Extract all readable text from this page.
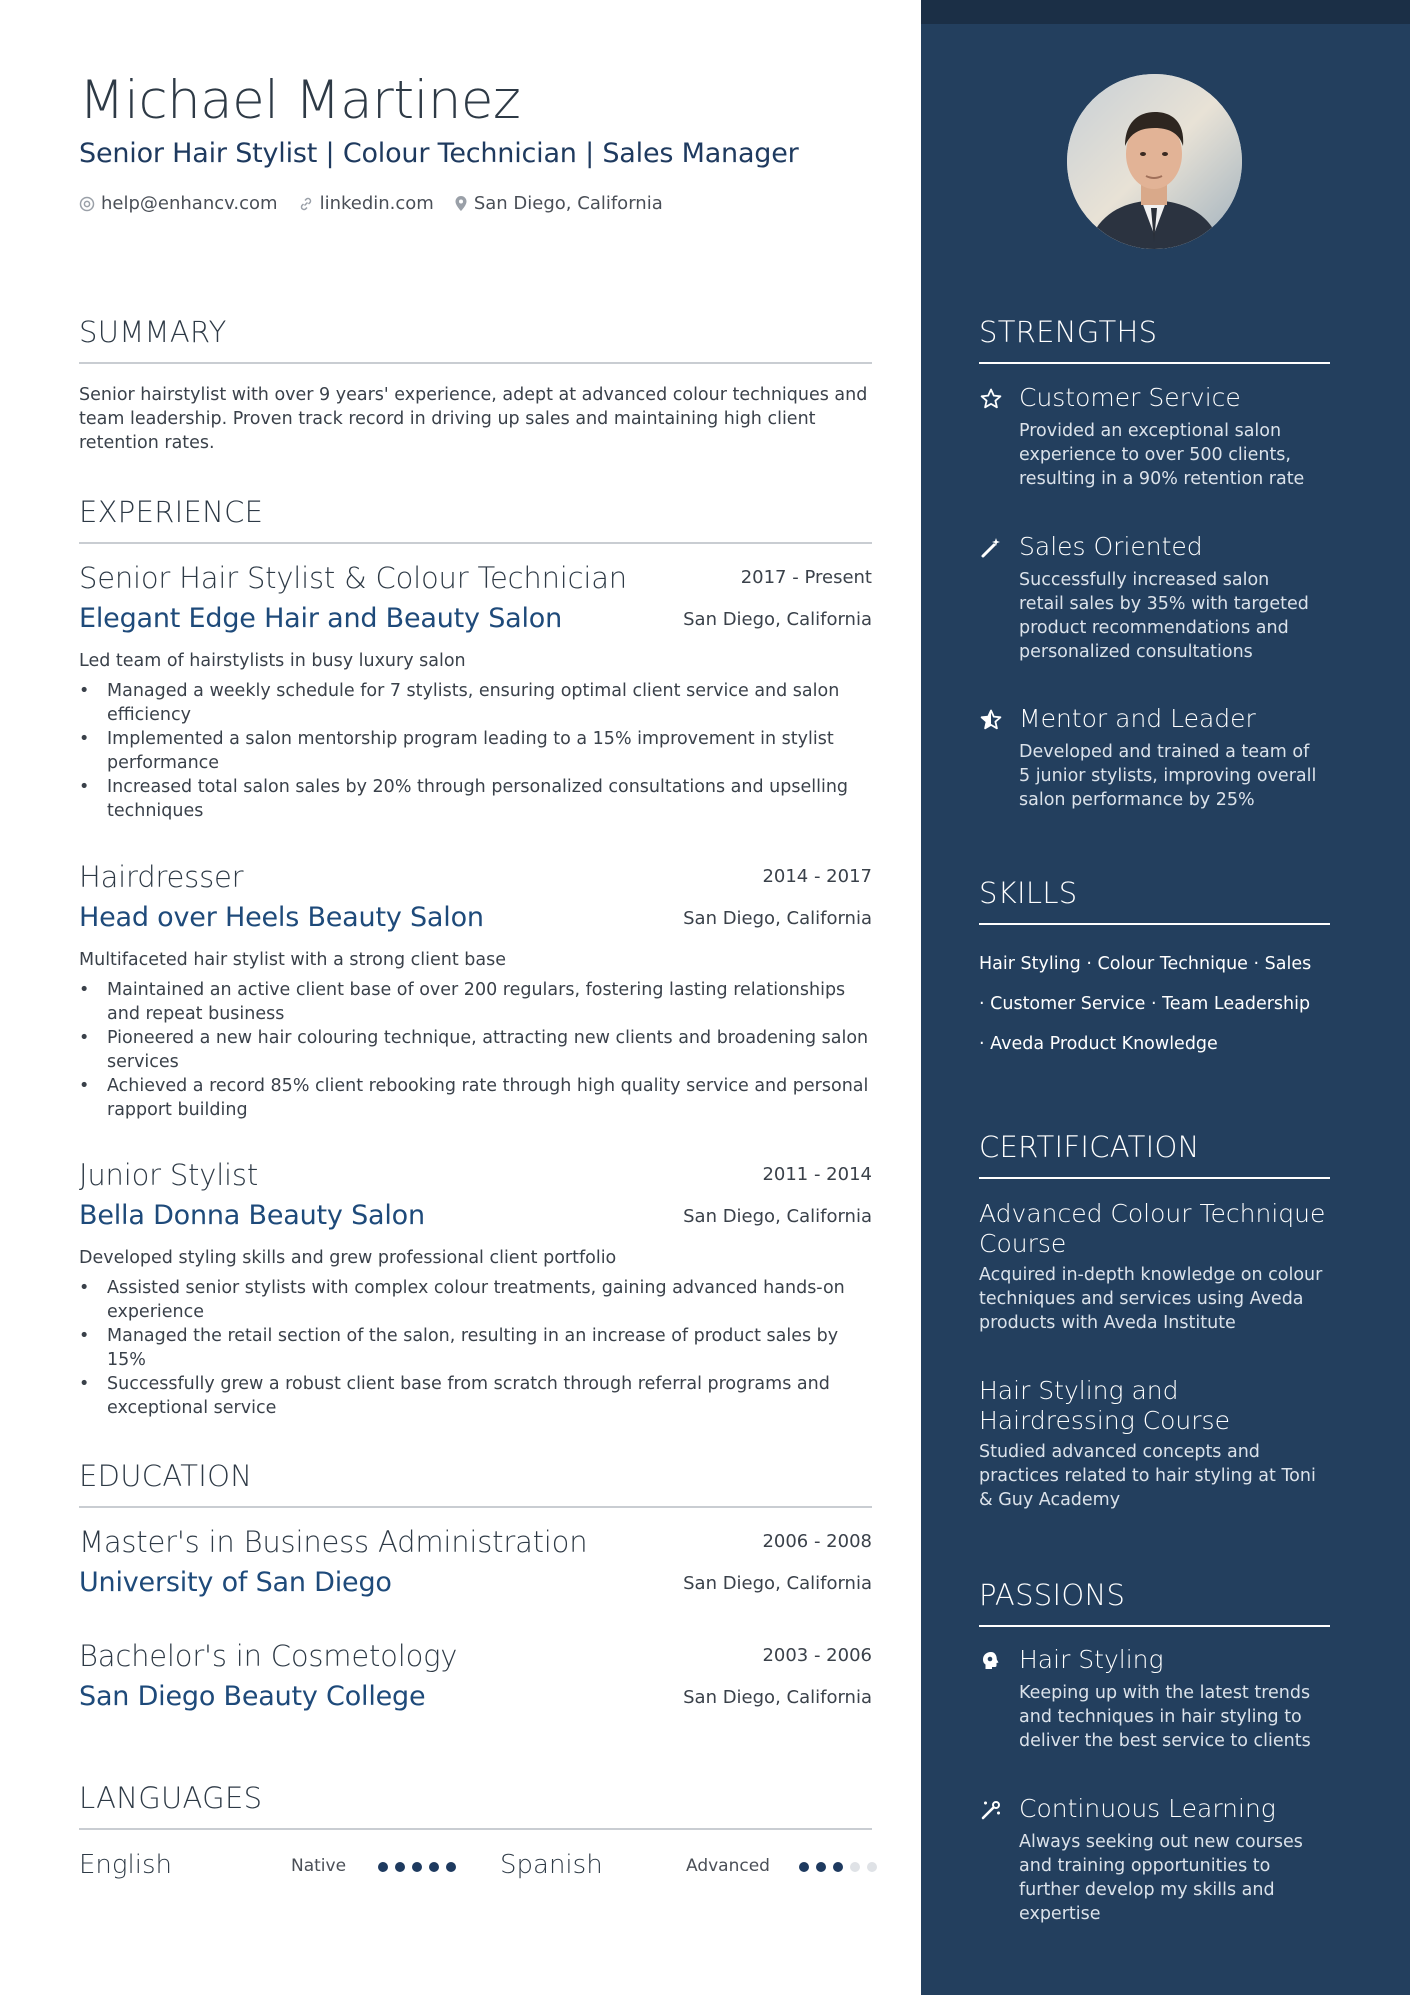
Michael Martinez
Senior Hair Stylist | Colour Technician | Sales Manager
help@enhancv.com linkedin.com San Diego, California
SUMMARY
Senior hairstylist with over 9 years' experience, adept at advanced colour techniques and team leadership. Proven track record in driving up sales and maintaining high client retention rates.
EXPERIENCE
Senior Hair Stylist & Colour Technician	2017 - Present
Elegant Edge Hair and Beauty Salon	San Diego, California
Led team of hairstylists in busy luxury salon
• Managed a weekly schedule for 7 stylists, ensuring optimal client service and salon efficiency
• Implemented a salon mentorship program leading to a 15% improvement in stylist performance
• Increased total salon sales by 20% through personalized consultations and upselling techniques
Hairdresser	2014 - 2017
Head over Heels Beauty Salon	San Diego, California
Multifaceted hair stylist with a strong client base
• Maintained an active client base of over 200 regulars, fostering lasting relationships and repeat business
• Pioneered a new hair colouring technique, attracting new clients and broadening salon services
• Achieved a record 85% client rebooking rate through high quality service and personal rapport building
Junior Stylist	2011 - 2014
Bella Donna Beauty Salon	San Diego, California
Developed styling skills and grew professional client portfolio
• Assisted senior stylists with complex colour treatments, gaining advanced hands-on experience
• Managed the retail section of the salon, resulting in an increase of product sales by 15%
• Successfully grew a robust client base from scratch through referral programs and exceptional service
EDUCATION
Master's in Business Administration	2006 - 2008
University of San Diego	San Diego, California
Bachelor's in Cosmetology	2003 - 2006
San Diego Beauty College	San Diego, California
LANGUAGES
English	Native	Spanish	Advanced
STRENGTHS
Customer Service
Provided an exceptional salon experience to over 500 clients, resulting in a 90% retention rate
Sales Oriented
Successfully increased salon retail sales by 35% with targeted product recommendations and personalized consultations
Mentor and Leader
Developed and trained a team of 5 junior stylists, improving overall salon performance by 25%
SKILLS
Hair Styling · Colour Technique · Sales · Customer Service · Team Leadership · Aveda Product Knowledge
CERTIFICATION
Advanced Colour Technique Course
Acquired in-depth knowledge on colour techniques and services using Aveda products with Aveda Institute
Hair Styling and Hairdressing Course
Studied advanced concepts and practices related to hair styling at Toni & Guy Academy
PASSIONS
Hair Styling
Keeping up with the latest trends and techniques in hair styling to deliver the best service to clients
Continuous Learning
Always seeking out new courses and training opportunities to further develop my skills and expertise
